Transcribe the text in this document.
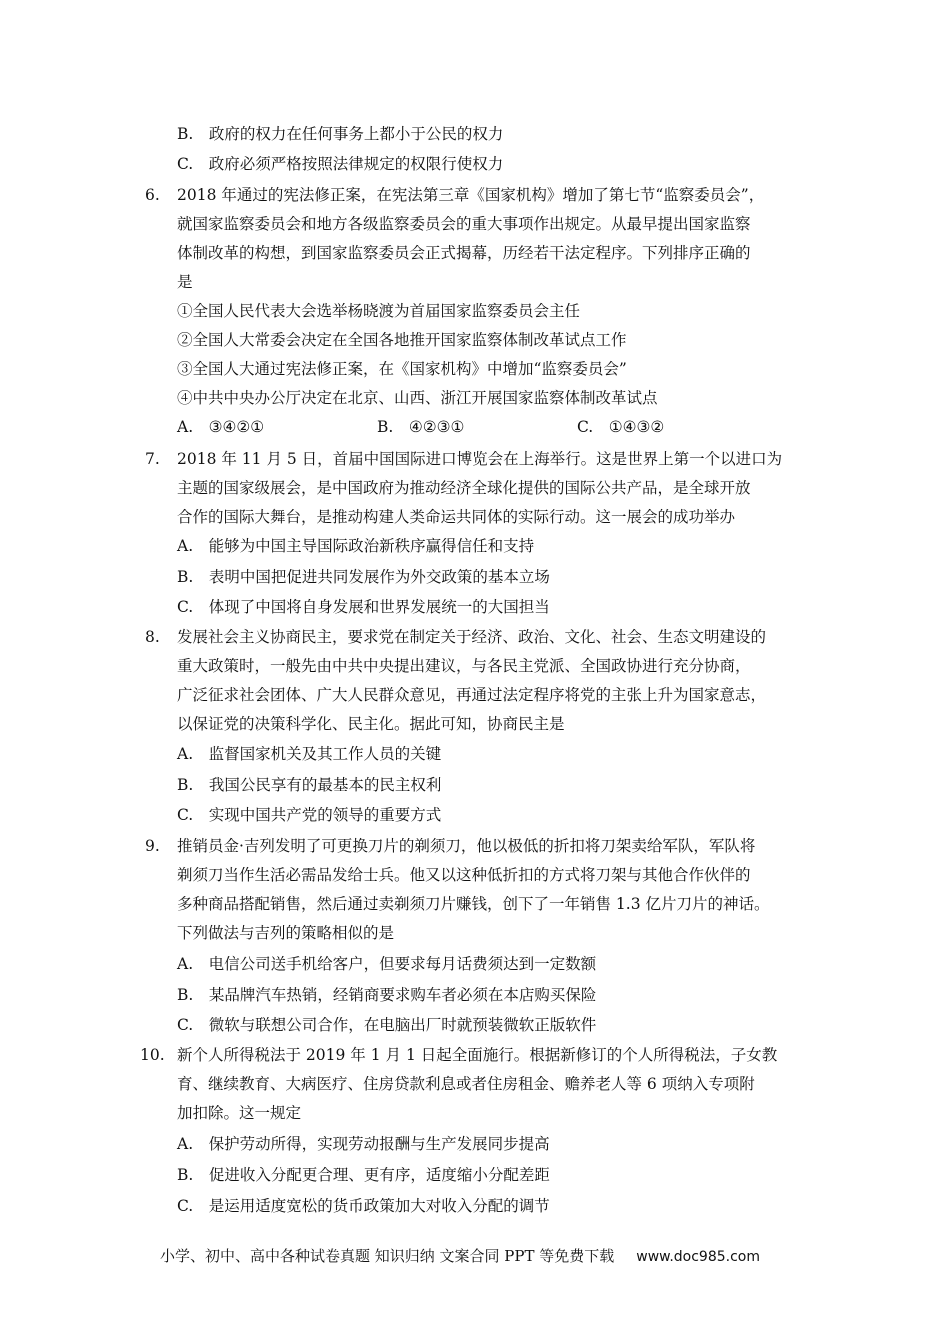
B. 政府的权力在任何事务上都小于公民的权力
C. 政府必须严格按照法律规定的权限行使权力
6. 2018 年通过的宪法修正案，在宪法第三章《国家机构》增加了第七节“监察委员会”，
就国家监察委员会和地方各级监察委员会的重大事项作出规定。从最早提出国家监察
体制改革的构想，到国家监察委员会正式揭幕，历经若干法定程序。下列排序正确的
是
①全国人民代表大会选举杨晓渡为首届国家监察委员会主任
②全国人大常委会决定在全国各地推开国家监察体制改革试点工作
③全国人大通过宪法修正案，在《国家机构》中增加“监察委员会”
④中共中央办公厅决定在北京、山西、浙江开展国家监察体制改革试点
A. ③④②①	B. ④②③①	C. ①④③②
7. 2018 年 11 月 5 日，首届中国国际进口博览会在上海举行。这是世界上第一个以进口为
主题的国家级展会，是中国政府为推动经济全球化提供的国际公共产品，是全球开放
合作的国际大舞台，是推动构建人类命运共同体的实际行动。这一展会的成功举办
A. 能够为中国主导国际政治新秩序赢得信任和支持
B. 表明中国把促进共同发展作为外交政策的基本立场
C. 体现了中国将自身发展和世界发展统一的大国担当
8. 发展社会主义协商民主，要求党在制定关于经济、政治、文化、社会、生态文明建设的
重大政策时，一般先由中共中央提出建议，与各民主党派、全国政协进行充分协商，
广泛征求社会团体、广大人民群众意见，再通过法定程序将党的主张上升为国家意志，
以保证党的决策科学化、民主化。据此可知，协商民主是
A. 监督国家机关及其工作人员的关键
B. 我国公民享有的最基本的民主权利
C. 实现中国共产党的领导的重要方式
9. 推销员金·吉列发明了可更换刀片的剃须刀，他以极低的折扣将刀架卖给军队，军队将
剃须刀当作生活必需品发给士兵。他又以这种低折扣的方式将刀架与其他合作伙伴的
多种商品搭配销售，然后通过卖剃须刀片赚钱，创下了一年销售 1.3 亿片刀片的神话。
下列做法与吉列的策略相似的是
A. 电信公司送手机给客户，但要求每月话费须达到一定数额
B. 某品牌汽车热销，经销商要求购车者必须在本店购买保险
C. 微软与联想公司合作，在电脑出厂时就预装微软正版软件
10. 新个人所得税法于 2019 年 1 月 1 日起全面施行。根据新修订的个人所得税法，子女教
育、继续教育、大病医疗、住房贷款利息或者住房租金、赡养老人等 6 项纳入专项附
加扣除。这一规定
A. 保护劳动所得，实现劳动报酬与生产发展同步提高
B. 促进收入分配更合理、更有序，适度缩小分配差距
C. 是运用适度宽松的货币政策加大对收入分配的调节
小学、初中、高中各种试卷真题 知识归纳 文案合同 PPT 等免费下载 www.doc985.com
